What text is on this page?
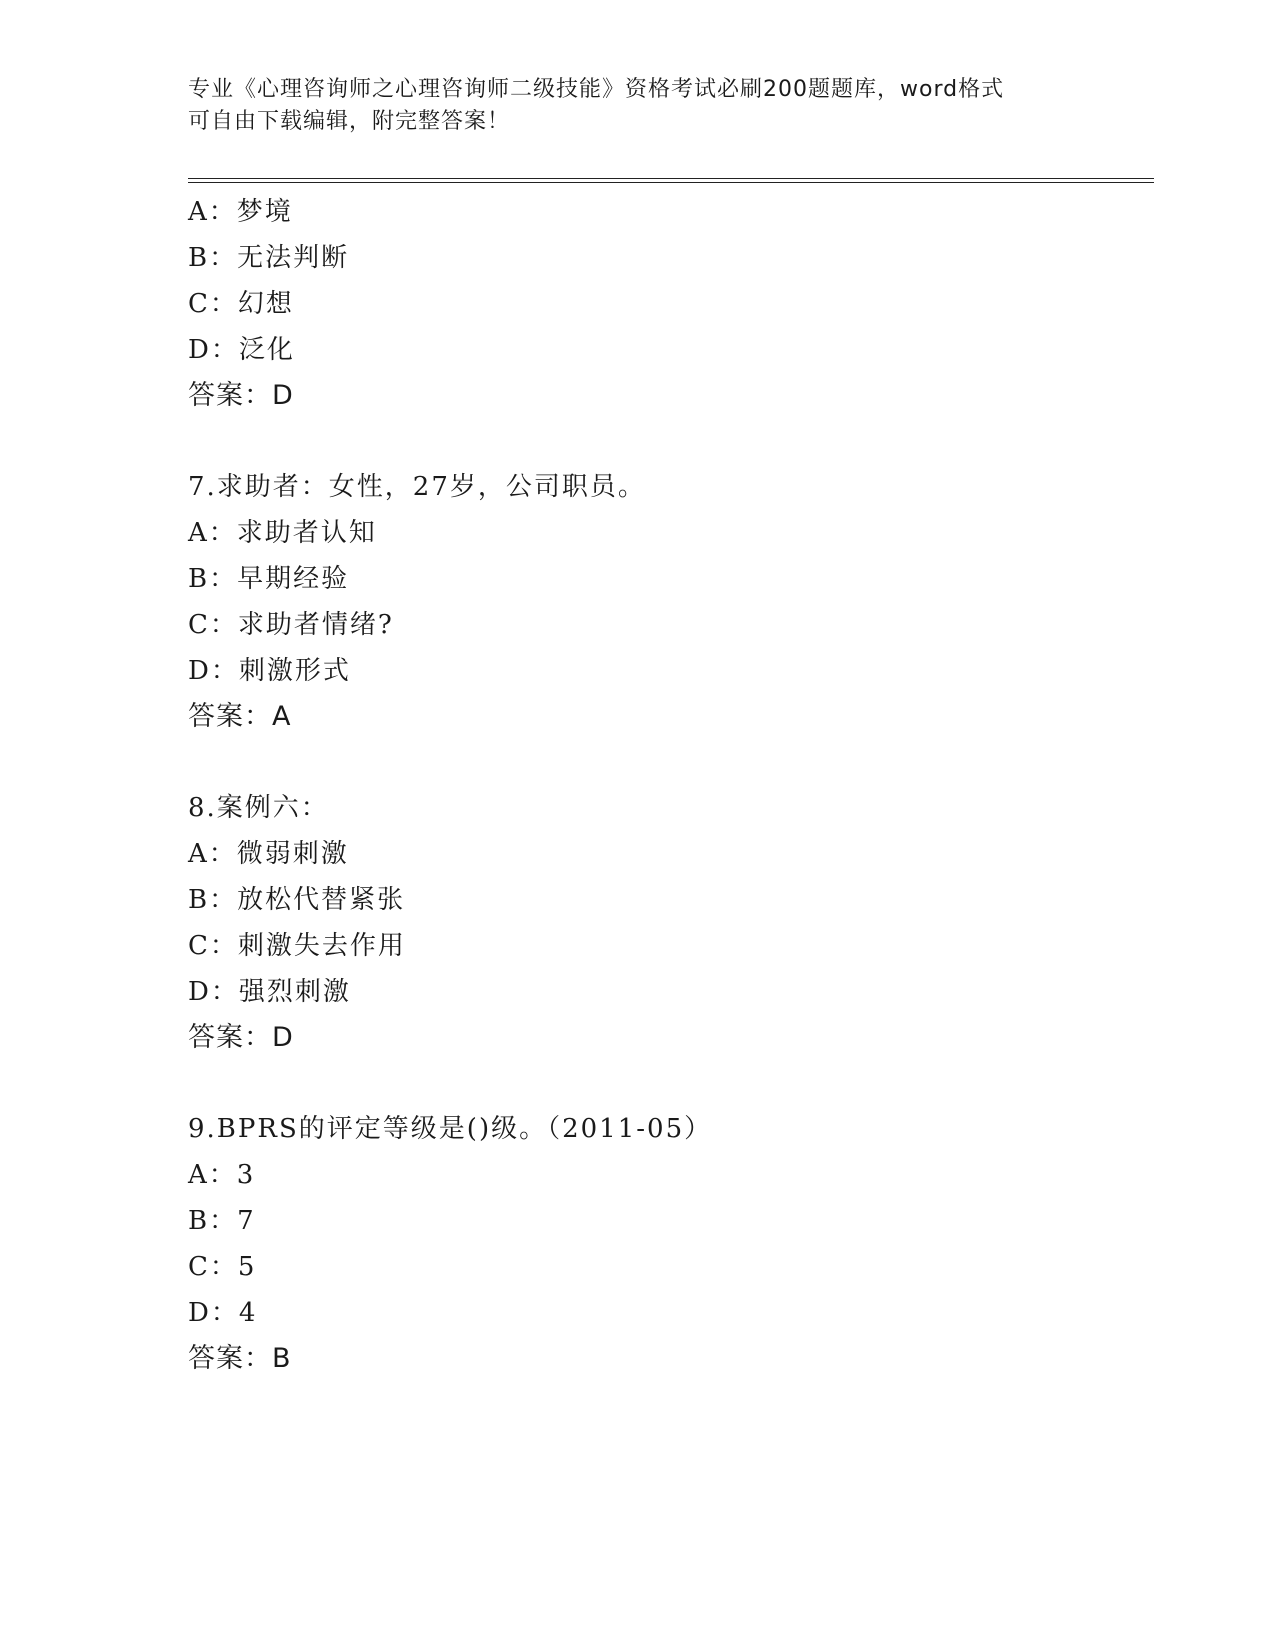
专业《心理咨询师之心理咨询师二级技能》资格考试必刷200题题库，word格式
可自由下载编辑，附完整答案！
A：梦境
B：无法判断
C：幻想
D：泛化
答案：D
7.求助者：女性，27岁，公司职员。
A：求助者认知
B：早期经验
C：求助者情绪?
D：刺激形式
答案：A
8.案例六：
A：微弱刺激
B：放松代替紧张
C：刺激失去作用
D：强烈刺激
答案：D
9.BPRS的评定等级是()级。（2011-05）
A：3
B：7
C：5
D：4
答案：B
